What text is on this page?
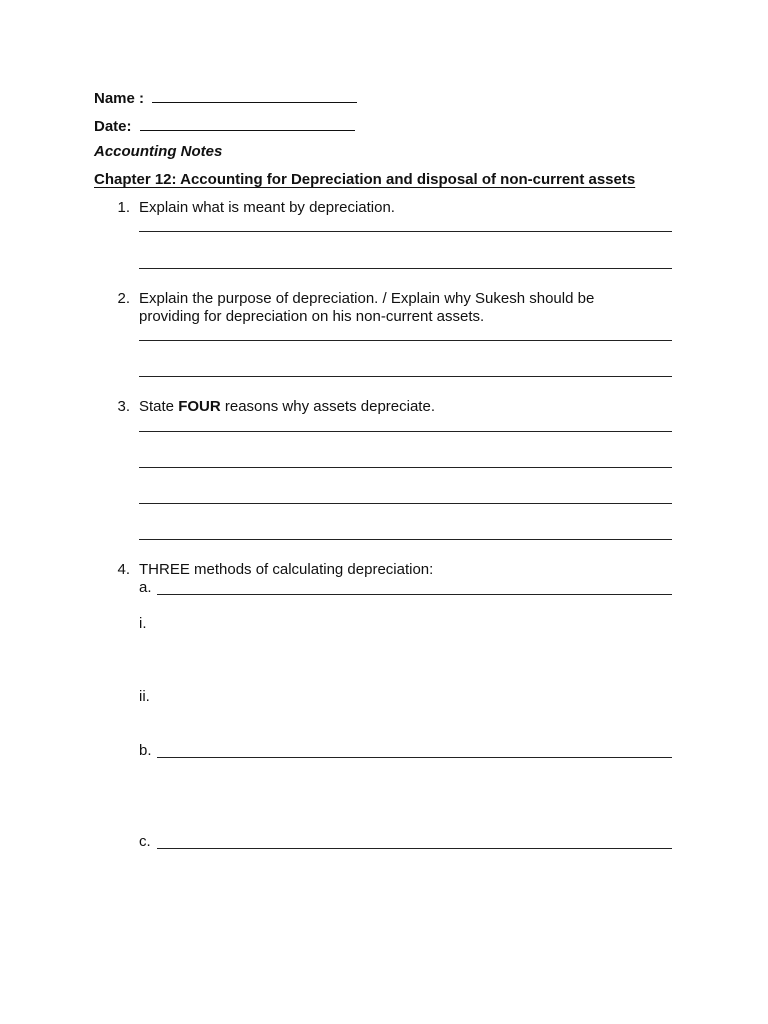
Name :
Date:
Accounting Notes
Chapter 12: Accounting for Depreciation and disposal of non-current assets
1. Explain what is meant by depreciation.
2. Explain the purpose of depreciation. / Explain why Sukesh should be
providing for depreciation on his non-current assets.
3. State FOUR reasons why assets depreciate.
4. THREE methods of calculating depreciation:
a.
i.
ii.
b.
c.
